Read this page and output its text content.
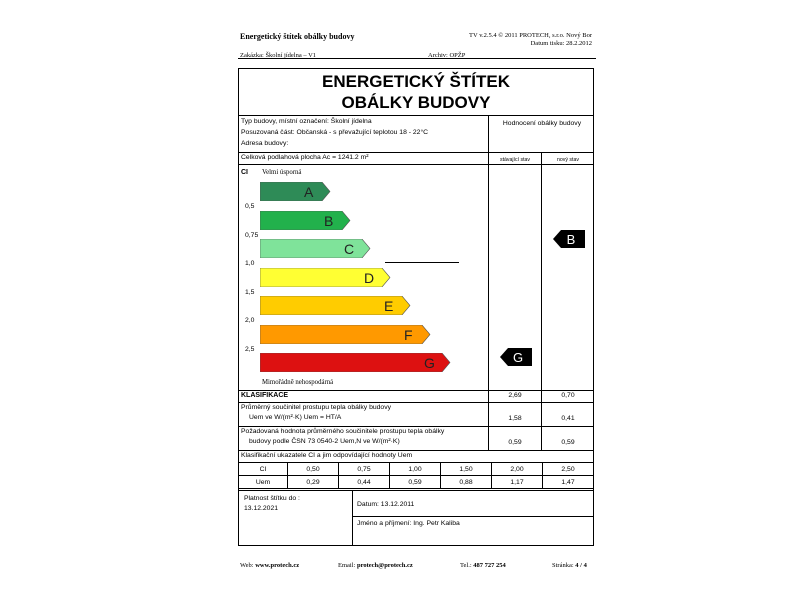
Energetický štítek obálky budovy	TV v.2.5.4 © 2011 PROTECH, s.r.o. Nový Bor
Datum tisku: 28.2.2012
Zakázka: Školní jídelna – V1	Archiv: OPŽP
ENERGETICKÝ ŠTÍTEK
OBÁLKY BUDOVY
Typ budovy, místní označení: Školní jídelna
Posuzovaná část: Občanská - s převažující teplotou 18 - 22°C
Adresa budovy:
Celková podlahová plocha Ac = 1241.2 m²
Hodnocení obálky budovy
stávající stav	nový stav
CI Velmi úsporná
A
B
C
D
E
F
G
0,5
0,75
1,0
1,5
2,0
2,5
Mimořádně nehospodárná
G
B
KLASIFIKACE	2,69	0,70
Průměrný součinitel prostupu tepla obálky budovy
Uem ve W/(m²·K) Uem = HT/A	1,58	0,41
Požadovaná hodnota průměrného součinitele prostupu tepla obálky
budovy podle ČSN 73 0540-2 Uem,N ve W/(m²·K)	0,59	0,59
Klasifikační ukazatele CI a jim odpovídající hodnoty Uem
CI	0,50	0,75	1,00	1,50	2,00	2,50
Uem	0,29	0,44	0,59	0,88	1,17	1,47
Platnost štítku do :
13.12.2021
Datum: 13.12.2011
Jméno a příjmení: Ing. Petr Kaliba
Web: www.protech.cz	Email: protech@protech.cz	Tel.: 487 727 254	Stránka: 4 / 4
